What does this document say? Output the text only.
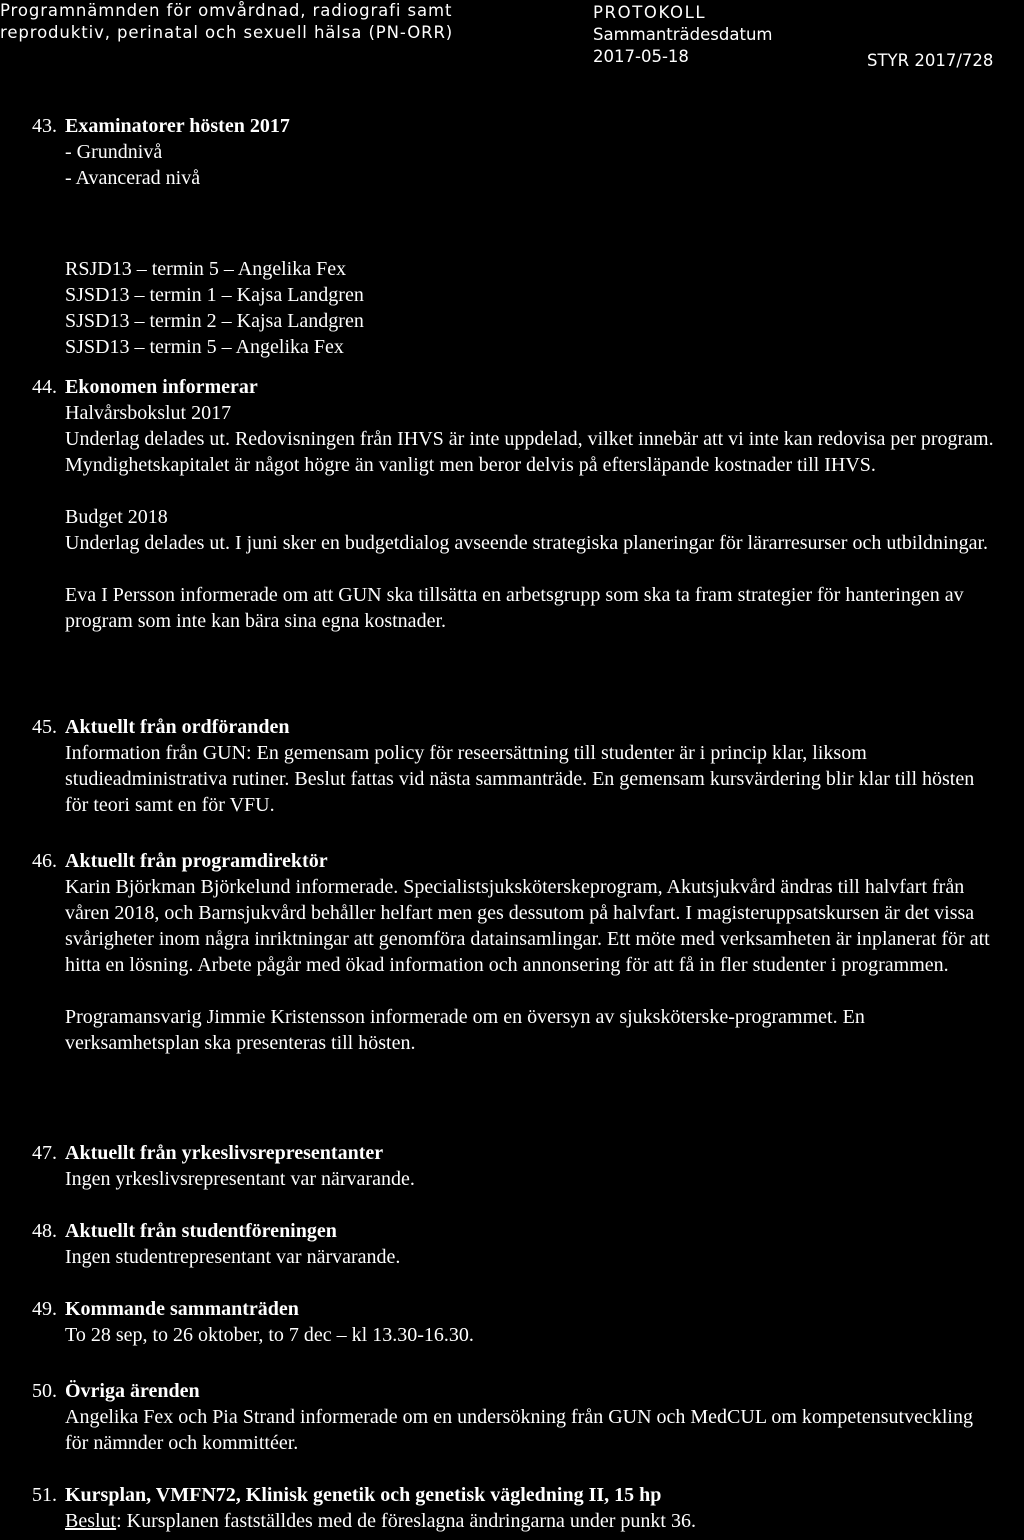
Programnämnden för omvårdnad, radiografi samt
reproduktiv, perinatal och sexuell hälsa (PN-ORR)
PROTOKOLL
Sammanträdesdatum
2017-05-18	STYR 2017/728
43. Examinatorer hösten 2017

- Grundnivå

- Avancerad nivå

RSJD13 – termin 5 – Angelika Fex

SJSD13 – termin 1 – Kajsa Landgren

SJSD13 – termin 2 – Kajsa Landgren

SJSD13 – termin 5 – Angelika Fex

44. Ekonomen informerar

Halvårsbokslut 2017

Underlag delades ut. Redovisningen från IHVS är inte uppdelad, vilket innebär att vi inte kan redovisa per program. Myndighetskapitalet är något högre än vanligt men beror delvis på eftersläpande kostnader till IHVS.

Budget 2018

Underlag delades ut. I juni sker en budgetdialog avseende strategiska planeringar för lärarresurser och utbildningar.

Eva I Persson informerade om att GUN ska tillsätta en arbetsgrupp som ska ta fram strategier för hanteringen av program som inte kan bära sina egna kostnader.

45. Aktuellt från ordföranden

Information från GUN: En gemensam policy för reseersättning till studenter är i princip klar, liksom studieadministrativa rutiner. Beslut fattas vid nästa sammanträde. En gemensam kursvärdering blir klar till hösten för teori samt en för VFU.

46. Aktuellt från programdirektör

Karin Björkman Björkelund informerade. Specialistsjuksköterskeprogram, Akutsjukvård ändras till halvfart från våren 2018, och Barnsjukvård behåller helfart men ges dessutom på halvfart. I magisteruppsatskursen är det vissa svårigheter inom några inriktningar att genomföra datainsamlingar. Ett möte med verksamheten är inplanerat för att hitta en lösning. Arbete pågår med ökad information och annonsering för att få in fler studenter i programmen.

Programansvarig Jimmie Kristensson informerade om en översyn av sjuksköterske-programmet. En verksamhetsplan ska presenteras till hösten.

47. Aktuellt från yrkeslivsrepresentanter

Ingen yrkeslivsrepresentant var närvarande.

48. Aktuellt från studentföreningen

Ingen studentrepresentant var närvarande.

49. Kommande sammanträden

To 28 sep, to 26 oktober, to 7 dec – kl 13.30-16.30.

50. Övriga ärenden

Angelika Fex och Pia Strand informerade om en undersökning från GUN och MedCUL om kompetensutveckling för nämnder och kommittéer.

51. Kursplan, VMFN72, Klinisk genetik och genetisk vägledning II, 15 hp

Beslut: Kursplanen fastställdes med de föreslagna ändringarna under punkt 36.
